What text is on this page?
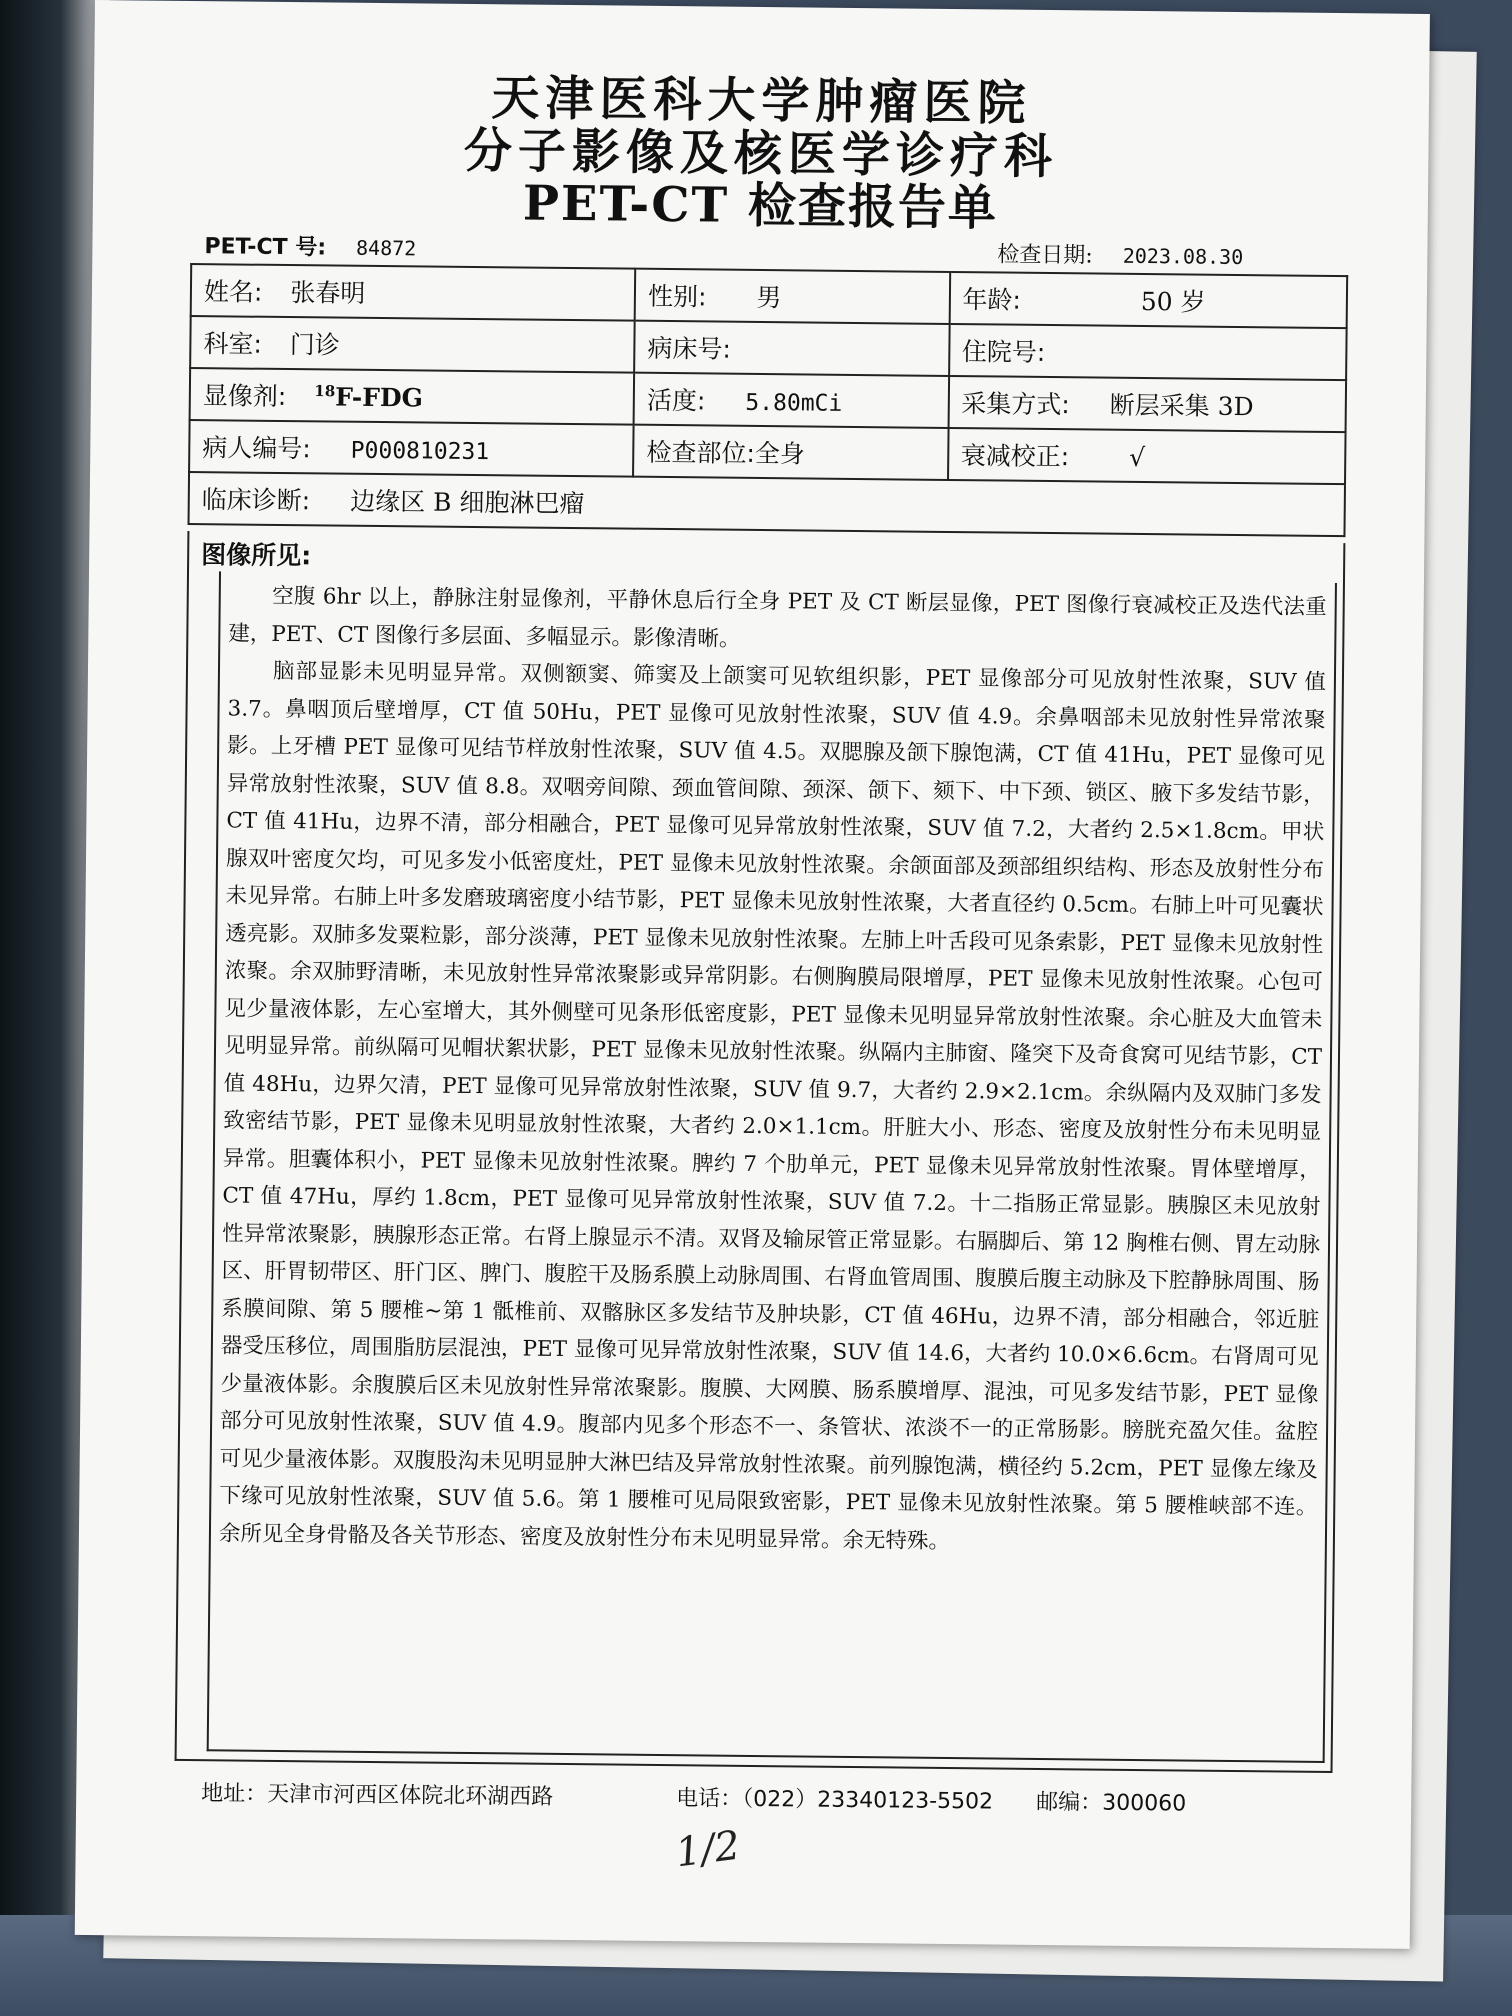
天津医科大学肿瘤医院
分子影像及核医学诊疗科
PET-CT 检查报告单
PET-CT 号: 84872	检查日期: 2023.08.30
姓名: 张春明	性别: 男	年龄: 50 岁
科室: 门诊	病床号:	住院号:
显像剂: $^{18}$F-FDG	活度: 5.80mCi	采集方式: 断层采集 3D
病人编号: P000810231	检查部位:全身	衰减校正: √
临床诊断: 边缘区 B 细胞淋巴瘤		
图像所见:

　　空腹 6hr 以上，静脉注射显像剂，平静休息后行全身 PET 及 CT 断层显像，PET 图像行衰减校正及迭代法重建，PET、CT 图像行多层面、多幅显示。影像清晰。
　　脑部显影未见明显异常。双侧额窦、筛窦及上颌窦可见软组织影，PET 显像部分可见放射性浓聚，SUV 值 3.7。鼻咽顶后壁增厚，CT 值 50Hu，PET 显像可见放射性浓聚，SUV 值 4.9。余鼻咽部未见放射性异常浓聚影。上牙槽 PET 显像可见结节样放射性浓聚，SUV 值 4.5。双腮腺及颌下腺饱满，CT 值 41Hu，PET 显像可见异常放射性浓聚，SUV 值 8.8。双咽旁间隙、颈血管间隙、颈深、颌下、颏下、中下颈、锁区、腋下多发结节影，CT 值 41Hu，边界不清，部分相融合，PET 显像可见异常放射性浓聚，SUV 值 7.2，大者约 2.5×1.8cm。甲状腺双叶密度欠均，可见多发小低密度灶，PET 显像未见放射性浓聚。余颌面部及颈部组织结构、形态及放射性分布未见异常。右肺上叶多发磨玻璃密度小结节影，PET 显像未见放射性浓聚，大者直径约 0.5cm。右肺上叶可见囊状透亮影。双肺多发粟粒影，部分淡薄，PET 显像未见放射性浓聚。左肺上叶舌段可见条索影，PET 显像未见放射性浓聚。余双肺野清晰，未见放射性异常浓聚影或异常阴影。右侧胸膜局限增厚，PET 显像未见放射性浓聚。心包可见少量液体影，左心室增大，其外侧壁可见条形低密度影，PET 显像未见明显异常放射性浓聚。余心脏及大血管未见明显异常。前纵隔可见帽状絮状影，PET 显像未见放射性浓聚。纵隔内主肺窗、隆突下及奇食窝可见结节影，CT 值 48Hu，边界欠清，PET 显像可见异常放射性浓聚，SUV 值 9.7，大者约 2.9×2.1cm。余纵隔内及双肺门多发致密结节影，PET 显像未见明显放射性浓聚，大者约 2.0×1.1cm。肝脏大小、形态、密度及放射性分布未见明显异常。胆囊体积小，PET 显像未见放射性浓聚。脾约 7 个肋单元，PET 显像未见异常放射性浓聚。胃体壁增厚，CT 值 47Hu，厚约 1.8cm，PET 显像可见异常放射性浓聚，SUV 值 7.2。十二指肠正常显影。胰腺区未见放射性异常浓聚影，胰腺形态正常。右肾上腺显示不清。双肾及输尿管正常显影。右膈脚后、第 12 胸椎右侧、胃左动脉区、肝胃韧带区、肝门区、脾门、腹腔干及肠系膜上动脉周围、右肾血管周围、腹膜后腹主动脉及下腔静脉周围、肠系膜间隙、第 5 腰椎~第 1 骶椎前、双髂脉区多发结节及肿块影，CT 值 46Hu，边界不清，部分相融合，邻近脏器受压移位，周围脂肪层混浊，PET 显像可见异常放射性浓聚，SUV 值 14.6，大者约 10.0×6.6cm。右肾周可见少量液体影。余腹膜后区未见放射性异常浓聚影。腹膜、大网膜、肠系膜增厚、混浊，可见多发结节影，PET 显像部分可见放射性浓聚，SUV 值 4.9。腹部内见多个形态不一、条管状、浓淡不一的正常肠影。膀胱充盈欠佳。盆腔可见少量液体影。双腹股沟未见明显肿大淋巴结及异常放射性浓聚。前列腺饱满，横径约 5.2cm，PET 显像左缘及下缘可见放射性浓聚，SUV 值 5.6。第 1 腰椎可见局限致密影，PET 显像未见放射性浓聚。第 5 腰椎峡部不连。余所见全身骨骼及各关节形态、密度及放射性分布未见明显异常。余无特殊。

地址：天津市河西区体院北环湖西路	电话：（022）23340123-5502 邮编：300060
1/2
